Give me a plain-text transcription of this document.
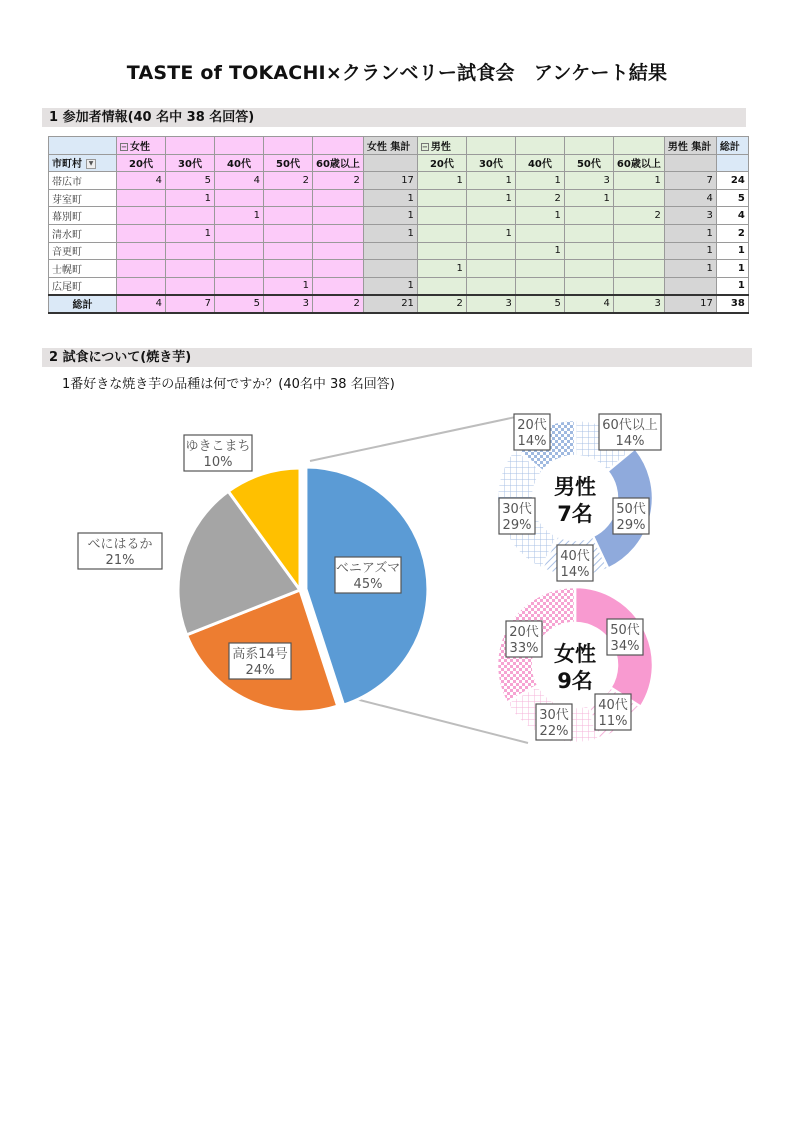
TASTE of TOKACHI×クランベリー試食会　アンケート結果
1 参加者情報(40 名中 38 名回答)
	− 女性					女性 集計	− 男性					男性 集計	総計
市町村 ▼	20代	30代	40代	50代	60歳以上		20代	30代	40代	50代	60歳以上		
帯広市	4	5	4	2	2	17	1	1	1	3	1	7	24
芽室町		1				1		1	2	1		4	5
幕別町			1			1			1		2	3	4
清水町		1				1		1				1	2
音更町									1			1	1
士幌町							1					1	1
広尾町				1		1							1
総計	4	7	5	3	2	21	2	3	5	4	3	17	38
2 試食について(焼き芋)
1番好きな焼き芋の品種は何ですか？(40名中 38 名回答)
ベニアズマ
45%
高系14号
24%
べにはるか
21%
ゆきこまち
10%
男性
7名
60代以上
14%
50代
29%
40代
14%
30代
29%
20代
14%
女性
9名
50代
34%
40代
11%
30代
22%
20代
33%
